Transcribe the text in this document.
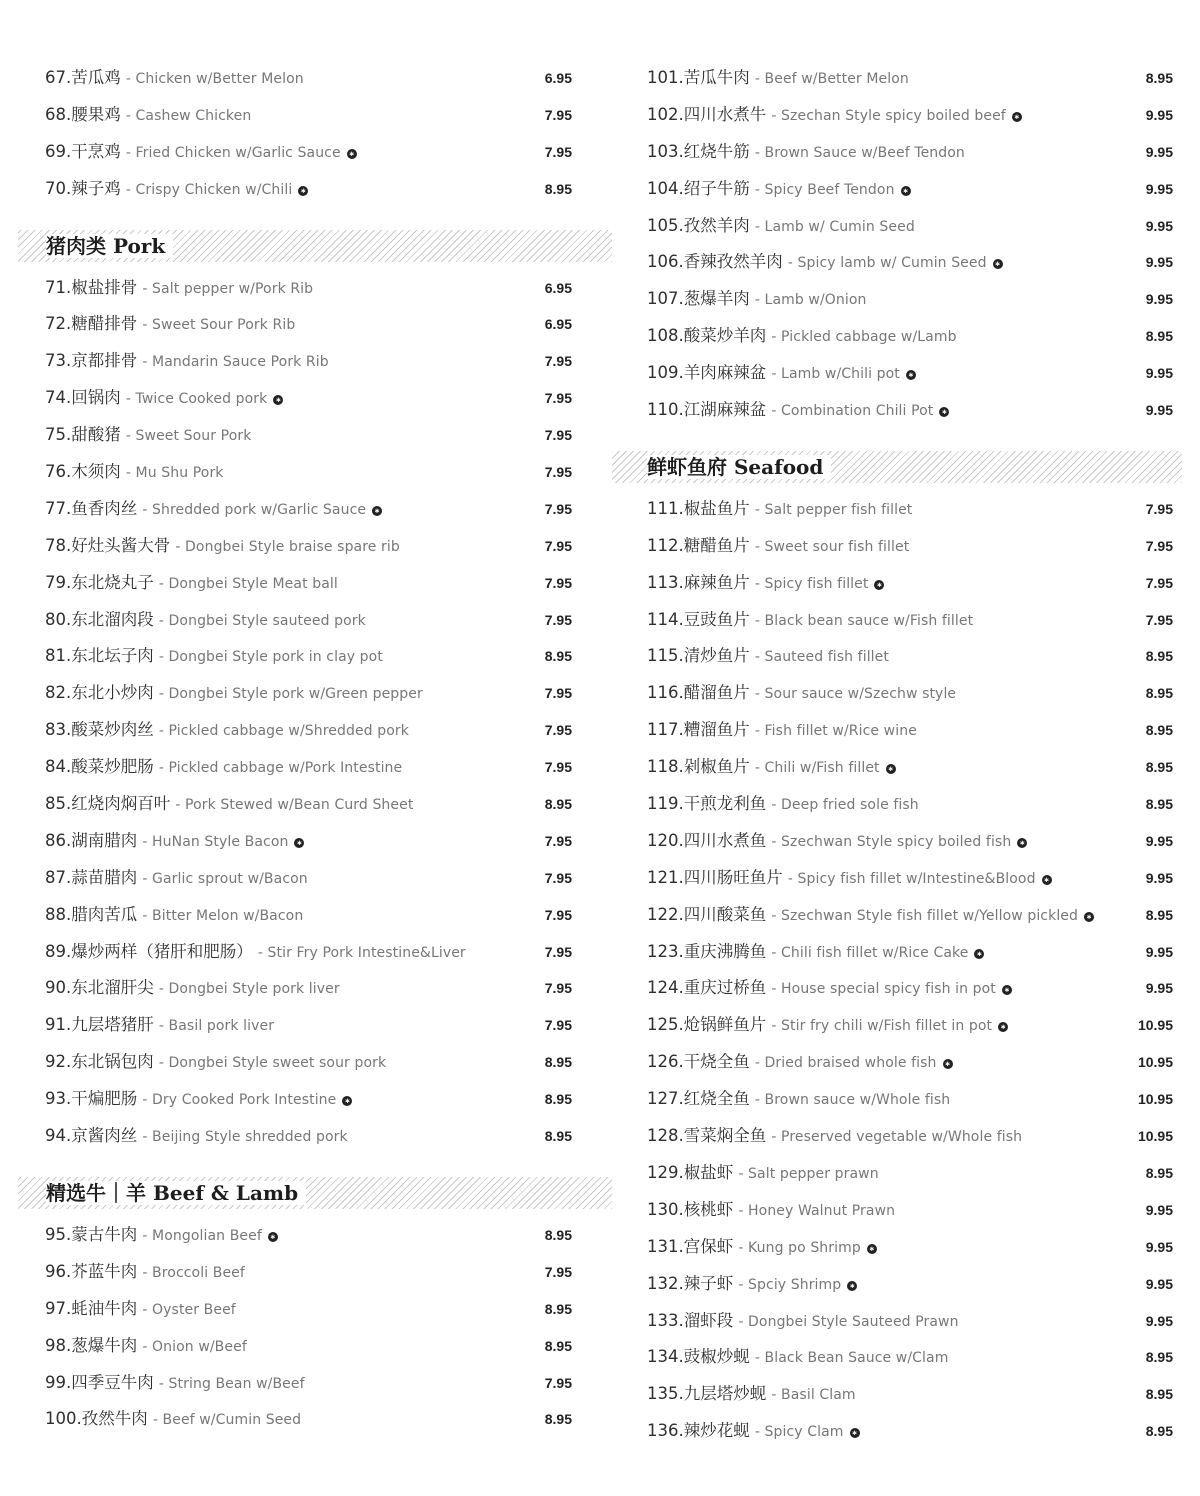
67.苦瓜鸡 - Chicken w/Better Melon	6.95
68.腰果鸡 - Cashew Chicken	7.95
69.干烹鸡 - Fried Chicken w/Garlic Sauce ∗	7.95
70.辣子鸡 - Crispy Chicken w/Chili ∗	8.95
猪肉类 Pork
71.椒盐排骨 - Salt pepper w/Pork Rib	6.95
72.糖醋排骨 - Sweet Sour Pork Rib	6.95
73.京都排骨 - Mandarin Sauce Pork Rib	7.95
74.回锅肉 - Twice Cooked pork ∗	7.95
75.甜酸猪 - Sweet Sour Pork	7.95
76.木须肉 - Mu Shu Pork	7.95
77.鱼香肉丝 - Shredded pork w/Garlic Sauce ∗	7.95
78.好灶头酱大骨 - Dongbei Style braise spare rib	7.95
79.东北烧丸子 - Dongbei Style Meat ball	7.95
80.东北溜肉段 - Dongbei Style sauteed pork	7.95
81.东北坛子肉 - Dongbei Style pork in clay pot	8.95
82.东北小炒肉 - Dongbei Style pork w/Green pepper	7.95
83.酸菜炒肉丝 - Pickled cabbage w/Shredded pork	7.95
84.酸菜炒肥肠 - Pickled cabbage w/Pork Intestine	7.95
85.红烧肉焖百叶 - Pork Stewed w/Bean Curd Sheet	8.95
86.湖南腊肉 - HuNan Style Bacon ∗	7.95
87.蒜苗腊肉 - Garlic sprout w/Bacon	7.95
88.腊肉苦瓜 - Bitter Melon w/Bacon	7.95
89.爆炒两样（猪肝和肥肠） - Stir Fry Pork Intestine&Liver	7.95
90.东北溜肝尖 - Dongbei Style pork liver	7.95
91.九层塔猪肝 - Basil pork liver	7.95
92.东北锅包肉 - Dongbei Style sweet sour pork	8.95
93.干煸肥肠 - Dry Cooked Pork Intestine ∗	8.95
94.京酱肉丝 - Beijing Style shredded pork	8.95
精选牛｜羊 Beef & Lamb
95.蒙古牛肉 - Mongolian Beef ∗	8.95
96.芥蓝牛肉 - Broccoli Beef	7.95
97.蚝油牛肉 - Oyster Beef	8.95
98.葱爆牛肉 - Onion w/Beef	8.95
99.四季豆牛肉 - String Bean w/Beef	7.95
100.孜然牛肉 - Beef w/Cumin Seed	8.95
101.苦瓜牛肉 - Beef w/Better Melon	8.95
102.四川水煮牛 - Szechan Style spicy boiled beef ∗	9.95
103.红烧牛筋 - Brown Sauce w/Beef Tendon	9.95
104.绍子牛筋 - Spicy Beef Tendon ∗	9.95
105.孜然羊肉 - Lamb w/ Cumin Seed	9.95
106.香辣孜然羊肉 - Spicy lamb w/ Cumin Seed ∗	9.95
107.葱爆羊肉 - Lamb w/Onion	9.95
108.酸菜炒羊肉 - Pickled cabbage w/Lamb	8.95
109.羊肉麻辣盆 - Lamb w/Chili pot ∗	9.95
110.江湖麻辣盆 - Combination Chili Pot ∗	9.95
鲜虾鱼府 Seafood
111.椒盐鱼片 - Salt pepper fish fillet	7.95
112.糖醋鱼片 - Sweet sour fish fillet	7.95
113.麻辣鱼片 - Spicy fish fillet ∗	7.95
114.豆豉鱼片 - Black bean sauce w/Fish fillet	7.95
115.清炒鱼片 - Sauteed fish fillet	8.95
116.醋溜鱼片 - Sour sauce w/Szechw style	8.95
117.糟溜鱼片 - Fish fillet w/Rice wine	8.95
118.剁椒鱼片 - Chili w/Fish fillet ∗	8.95
119.干煎龙利鱼 - Deep fried sole fish	8.95
120.四川水煮鱼 - Szechwan Style spicy boiled fish ∗	9.95
121.四川肠旺鱼片 - Spicy fish fillet w/Intestine&Blood ∗	9.95
122.四川酸菜鱼 - Szechwan Style fish fillet w/Yellow pickled ∗	8.95
123.重庆沸腾鱼 - Chili fish fillet w/Rice Cake ∗	9.95
124.重庆过桥鱼 - House special spicy fish in pot ∗	9.95
125.炝锅鲜鱼片 - Stir fry chili w/Fish fillet in pot ∗	10.95
126.干烧全鱼 - Dried braised whole fish ∗	10.95
127.红烧全鱼 - Brown sauce w/Whole fish	10.95
128.雪菜焖全鱼 - Preserved vegetable w/Whole fish	10.95
129.椒盐虾 - Salt pepper prawn	8.95
130.核桃虾 - Honey Walnut Prawn	9.95
131.宫保虾 - Kung po Shrimp ∗	9.95
132.辣子虾 - Spciy Shrimp ∗	9.95
133.溜虾段 - Dongbei Style Sauteed Prawn	9.95
134.豉椒炒蚬 - Black Bean Sauce w/Clam	8.95
135.九层塔炒蚬 - Basil Clam	8.95
136.辣炒花蚬 - Spicy Clam ∗	8.95
